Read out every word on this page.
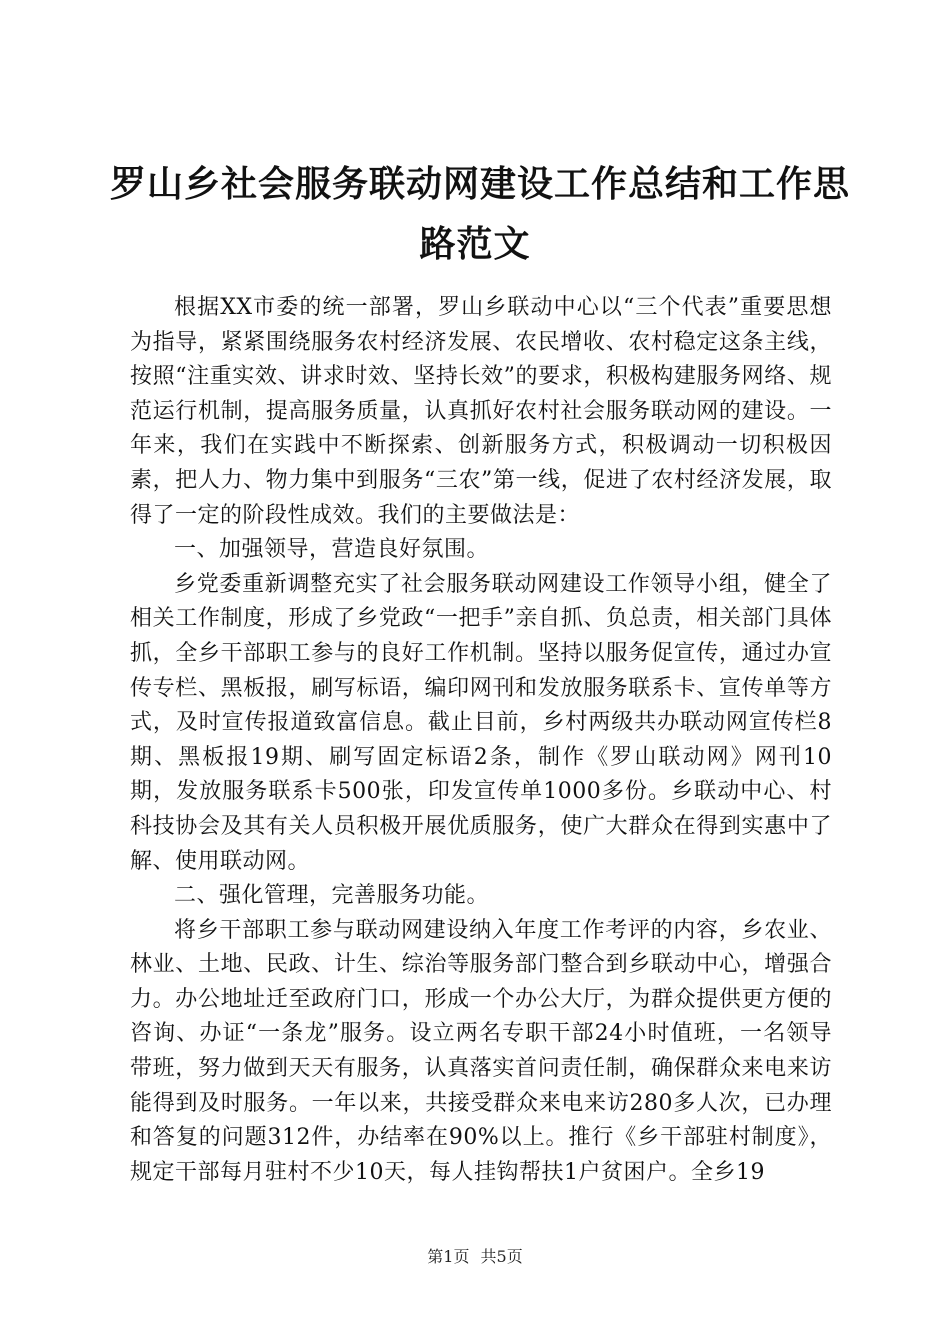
罗山乡社会服务联动网建设工作总结和工作思
路范文

根据XX市委的统一部署，罗山乡联动中心以“三个代表”重要思想为指导，紧紧围绕服务农村经济发展、农民增收、农村稳定这条主线，按照“注重实效、讲求时效、坚持长效”的要求，积极构建服务网络、规范运行机制，提高服务质量，认真抓好农村社会服务联动网的建设。一年来，我们在实践中不断探索、创新服务方式，积极调动一切积极因素，把人力、物力集中到服务“三农”第一线，促进了农村经济发展，取得了一定的阶段性成效。我们的主要做法是：

一、加强领导，营造良好氛围。

乡党委重新调整充实了社会服务联动网建设工作领导小组，健全了相关工作制度，形成了乡党政“一把手”亲自抓、负总责，相关部门具体抓，全乡干部职工参与的良好工作机制。坚持以服务促宣传，通过办宣传专栏、黑板报，刷写标语，编印网刊和发放服务联系卡、宣传单等方式，及时宣传报道致富信息。截止目前，乡村两级共办联动网宣传栏8期、黑板报19期、刷写固定标语2条，制作《罗山联动网》网刊10期，发放服务联系卡500张，印发宣传单1000多份。乡联动中心、村科技协会及其有关人员积极开展优质服务，使广大群众在得到实惠中了解、使用联动网。

二、强化管理，完善服务功能。

将乡干部职工参与联动网建设纳入年度工作考评的内容，乡农业、林业、土地、民政、计生、综治等服务部门整合到乡联动中心，增强合力。办公地址迁至政府门口，形成一个办公大厅，为群众提供更方便的咨询、办证“一条龙”服务。设立两名专职干部24小时值班，一名领导带班，努力做到天天有服务，认真落实首问责任制，确保群众来电来访能得到及时服务。一年以来，共接受群众来电来访280多人次，已办理和答复的问题312件，办结率在90%以上。推行《乡干部驻村制度》，规定干部每月驻村不少10天，每人挂钩帮扶1户贫困户。全乡19

第1页 共5页
